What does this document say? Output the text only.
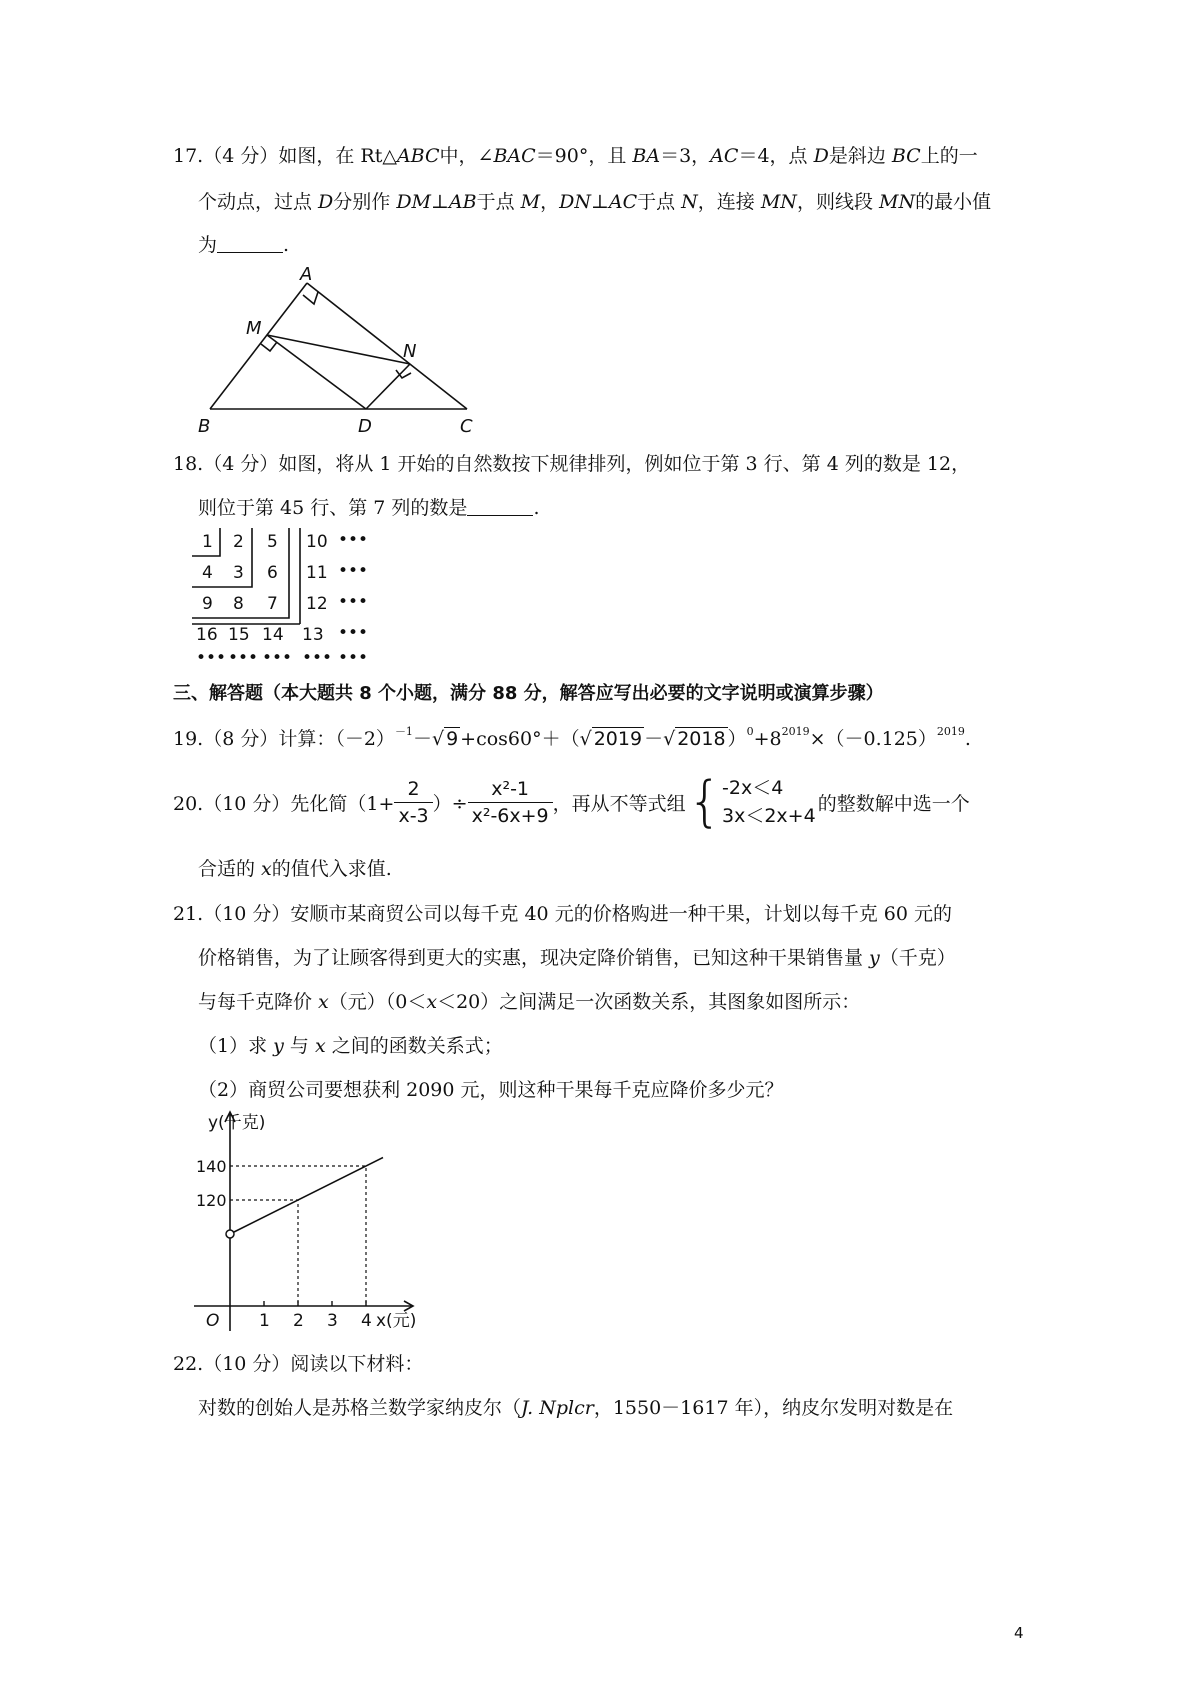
17.（4 分）如图，在 Rt△ABC中，∠BAC＝90°，且 BA＝3，AC＝4，点 D是斜边 BC上的一
个动点，过点 D分别作 DM⊥AB于点 M，DN⊥AC于点 N，连接 MN，则线段 MN的最小值
为	.
A
M
N
B	D	C
18.（4 分）如图，将从 1 开始的自然数按下规律排列，例如位于第 3 行、第 4 列的数是 12，
则位于第 45 行、第 7 列的数是	.
1 2 5 10 •••
4 3 6 11 •••
9 8 7 12 •••
16 15 14 13 •••
••• ••• ••• ••• •••
三、解答题（本大题共 8 个小题，满分 88 分，解答应写出必要的文字说明或演算步骤）
19.（8 分）计算：$(-2)^{-1}-√$ 9 +cos60°＋（√ 2019 －√ 2018 ）$^0+8^{2019}\times(-0.125)^{2019}$.
20.（10 分）先化简（$1+ \frac{2}{x-3}$ ）÷ $\frac{\text{x²-1}}{\text{x²-6x+9}}$ ，再从不等式组 { -2x＜4
3x＜2x+4
的整数解中选一个
合适的 x的值代入求值.
21.（10 分）安顺市某商贸公司以每千克 40 元的价格购进一种干果，计划以每千克 60 元的
价格销售，为了让顾客得到更大的实惠，现决定降价销售，已知这种干果销售量 y（千克）
与每千克降价 x（元）（0＜x＜20）之间满足一次函数关系，其图象如图所示：
（1）求 y 与 x 之间的函数关系式；
（2）商贸公司要想获利 2090 元，则这种干果每千克应降价多少元？
1 2 3 4
120
140
O
y(千克)
x(元)
22.（10 分）阅读以下材料：
对数的创始人是苏格兰数学家纳皮尔（J. Nplcr，1550－1617 年），纳皮尔发明对数是在
4
